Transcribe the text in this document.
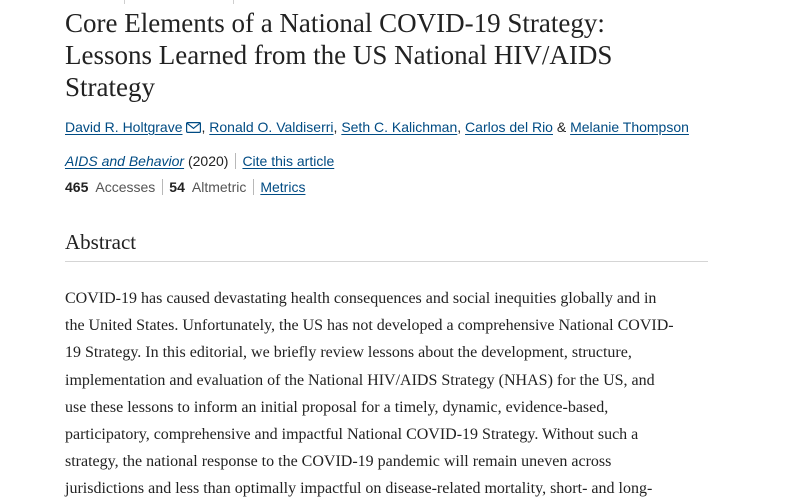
Core Elements of a National COVID-19 Strategy:
Lessons Learned from the US National HIV/AIDS
Strategy
David R. Holtgrave , Ronald O. Valdiserri, Seth C. Kalichman, Carlos del Rio & Melanie Thompson
AIDS and Behavior (2020) Cite this article
465 Accesses 54 Altmetric Metrics
Abstract
COVID-19 has caused devastating health consequences and social inequities globally and in
the United States. Unfortunately, the US has not developed a comprehensive National COVID-
19 Strategy. In this editorial, we briefly review lessons about the development, structure,
implementation and evaluation of the National HIV/AIDS Strategy (NHAS) for the US, and
use these lessons to inform an initial proposal for a timely, dynamic, evidence-based,
participatory, comprehensive and impactful National COVID-19 Strategy. Without such a
strategy, the national response to the COVID-19 pandemic will remain uneven across
jurisdictions and less than optimally impactful on disease-related mortality, short- and long-
